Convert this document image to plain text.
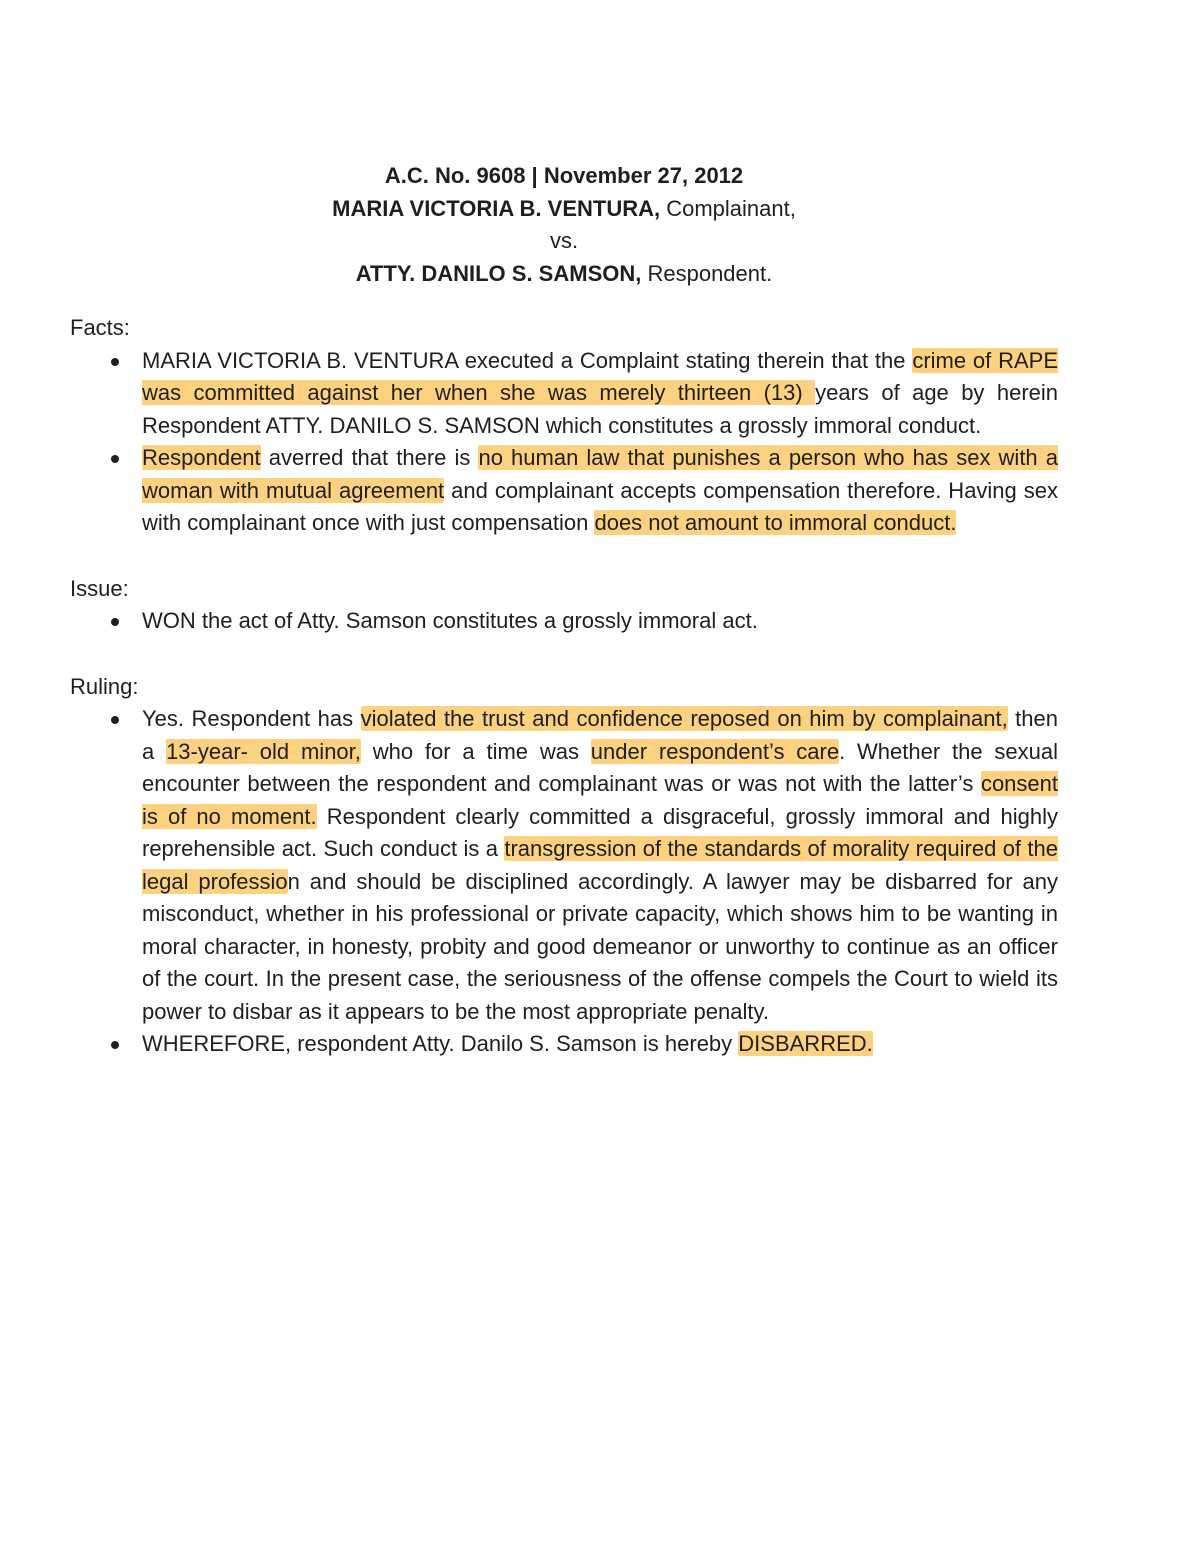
A.C. No. 9608 | November 27, 2012
MARIA VICTORIA B. VENTURA, Complainant,
vs.
ATTY. DANILO S. SAMSON, Respondent.

Facts:

MARIA VICTORIA B. VENTURA executed a Complaint stating therein that the crime of RAPE was committed against her when she was merely thirteen (13) years of age by herein Respondent ATTY. DANILO S. SAMSON which constitutes a grossly immoral conduct.
Respondent averred that there is no human law that punishes a person who has sex with a woman with mutual agreement and complainant accepts compensation therefore. Having sex with complainant once with just compensation does not amount to immoral conduct.

Issue:

WON the act of Atty. Samson constitutes a grossly immoral act.

Ruling:

Yes. Respondent has violated the trust and confidence reposed on him by complainant, then a 13-year- old minor, who for a time was under respondent’s care. Whether the sexual encounter between the respondent and complainant was or was not with the latter’s consent is of no moment. Respondent clearly committed a disgraceful, grossly immoral and highly reprehensible act. Such conduct is a transgression of the standards of morality required of the legal profession and should be disciplined accordingly. A lawyer may be disbarred for any misconduct, whether in his professional or private capacity, which shows him to be wanting in moral character, in honesty, probity and good demeanor or unworthy to continue as an officer of the court. In the present case, the seriousness of the offense compels the Court to wield its power to disbar as it appears to be the most appropriate penalty.
WHEREFORE, respondent Atty. Danilo S. Samson is hereby DISBARRED.
